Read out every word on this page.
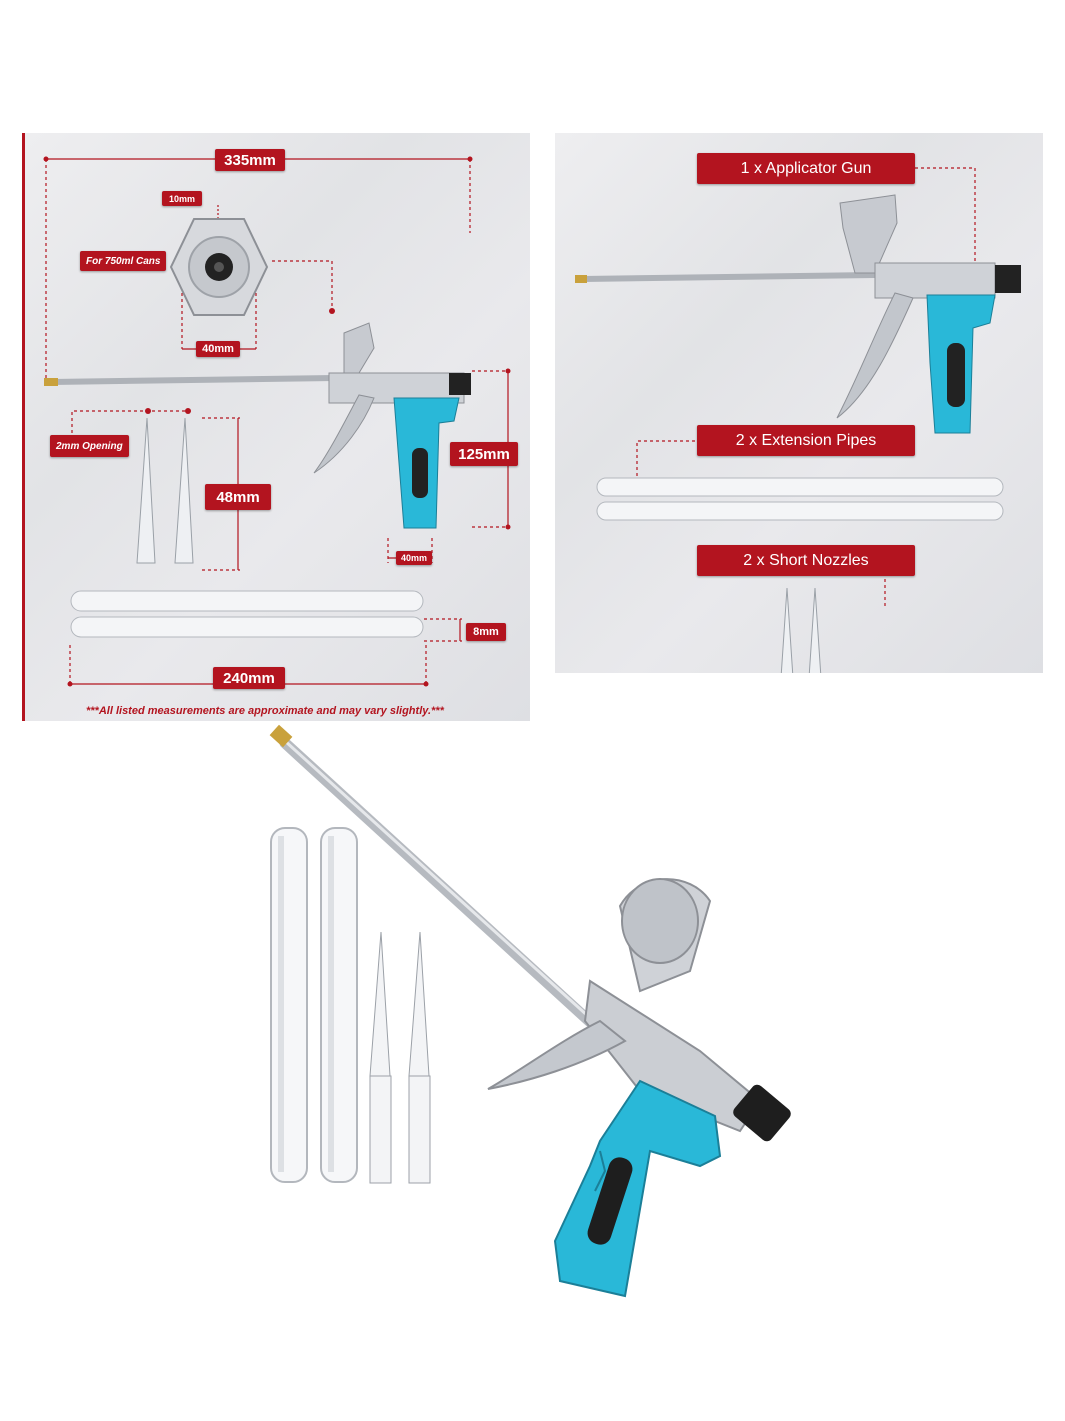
335mm
10mm
For 750ml Cans
40mm
2mm Opening	125mm
48mm
40mm
8mm
240mm
***All listed measurements are approximate and may vary slightly.***
1 x Applicator Gun
2 x Extension Pipes
2 x Short Nozzles
